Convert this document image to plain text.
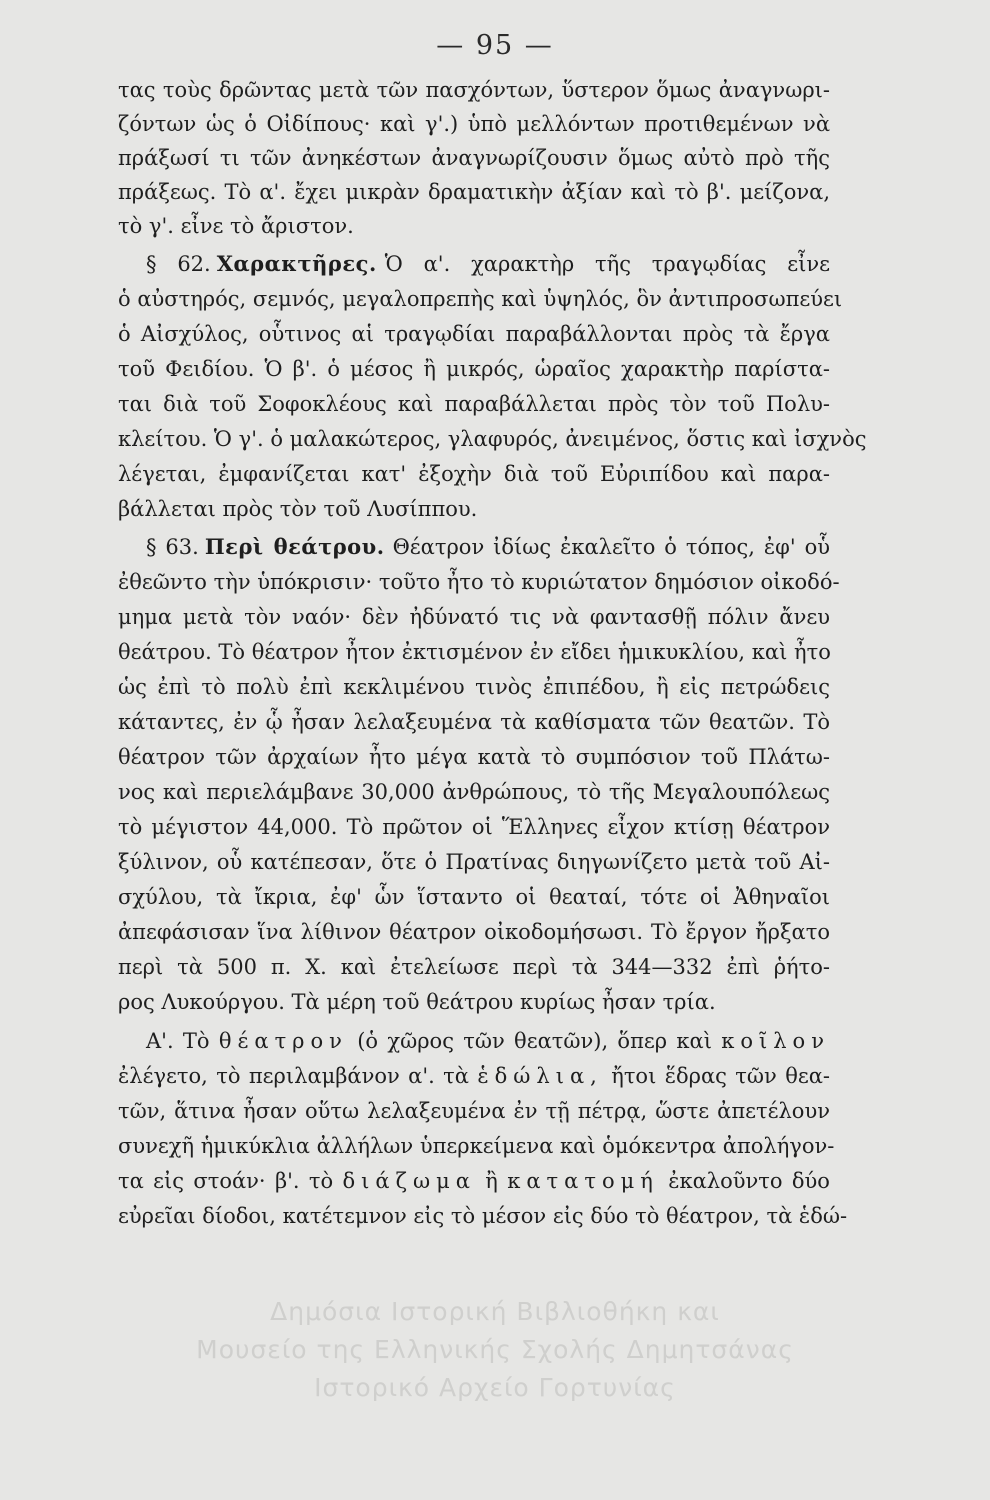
— 95 —
τας τοὺς δρῶντας μετὰ τῶν πασχόντων, ὕστερον ὅμως ἀναγνωρι-
ζόντων ὡς ὁ Οἰδίπους· καὶ γ'.) ὑπὸ μελλόντων προτιθεμένων νὰ
πράξωσί τι τῶν ἀνηκέστων ἀναγνωρίζουσιν ὅμως αὐτὸ πρὸ τῆς
πράξεως. Τὸ α'. ἔχει μικρὰν δραματικὴν ἀξίαν καὶ τὸ β'. μείζονα,
τὸ γ'. εἶνε τὸ ἄριστον.
§ 62. Χαρακτῆρες. Ὁ α'. χαρακτὴρ τῆς τραγῳδίας εἶνε
ὁ αὐστηρός, σεμνός, μεγαλοπρεπὴς καὶ ὑψηλός, ὃν ἀντιπροσωπεύει
ὁ Αἰσχύλος, οὗτινος αἱ τραγῳδίαι παραβάλλονται πρὸς τὰ ἔργα
τοῦ Φειδίου. Ὁ β'. ὁ μέσος ἢ μικρός, ὡραῖος χαρακτὴρ παρίστα-
ται διὰ τοῦ Σοφοκλέους καὶ παραβάλλεται πρὸς τὸν τοῦ Πολυ-
κλείτου. Ὁ γ'. ὁ μαλακώτερος, γλαφυρός, ἀνειμένος, ὅστις καὶ ἰσχνὸς
λέγεται, ἐμφανίζεται κατ' ἐξοχὴν διὰ τοῦ Εὐριπίδου καὶ παρα-
βάλλεται πρὸς τὸν τοῦ Λυσίππου.
§ 63. Περὶ θεάτρου. Θέατρον ἰδίως ἐκαλεῖτο ὁ τόπος, ἐφ' οὗ
ἐθεῶντο τὴν ὑπόκρισιν· τοῦτο ἦτο τὸ κυριώτατον δημόσιον οἰκοδό-
μημα μετὰ τὸν ναόν· δὲν ἠδύνατό τις νὰ φαντασθῇ πόλιν ἄνευ
θεάτρου. Τὸ θέατρον ἦτον ἐκτισμένον ἐν εἴδει ἡμικυκλίου, καὶ ἦτο
ὡς ἐπὶ τὸ πολὺ ἐπὶ κεκλιμένου τινὸς ἐπιπέδου, ἢ εἰς πετρώδεις
κάταντες, ἐν ᾧ ἦσαν λελαξευμένα τὰ καθίσματα τῶν θεατῶν. Τὸ
θέατρον τῶν ἀρχαίων ἦτο μέγα κατὰ τὸ συμπόσιον τοῦ Πλάτω-
νος καὶ περιελάμβανε 30,000 ἀνθρώπους, τὸ τῆς Μεγαλουπόλεως
τὸ μέγιστον 44,000. Τὸ πρῶτον οἱ Ἕλληνες εἶχον κτίσῃ θέατρον
ξύλινον, οὗ κατέπεσαν, ὅτε ὁ Πρατίνας διηγωνίζετο μετὰ τοῦ Αἰ-
σχύλου, τὰ ἴκρια, ἐφ' ὧν ἵσταντο οἱ θεαταί, τότε οἱ Ἀθηναῖοι
ἀπεφάσισαν ἵνα λίθινον θέατρον οἰκοδομήσωσι. Τὸ ἔργον ἤρξατο
περὶ τὰ 500 π. Χ. καὶ ἐτελείωσε περὶ τὰ 344—332 ἐπὶ ῥήτο-
ρος Λυκούργου. Τὰ μέρη τοῦ θεάτρου κυρίως ἦσαν τρία.
Α'. Τὸ θέατρον (ὁ χῶρος τῶν θεατῶν), ὅπερ καὶ κοῖλον
ἐλέγετο, τὸ περιλαμβάνον α'. τὰ ἑδώλια, ἤτοι ἕδρας τῶν θεα-
τῶν, ἅτινα ἦσαν οὕτω λελαξευμένα ἐν τῇ πέτρᾳ, ὥστε ἀπετέλουν
συνεχῆ ἡμικύκλια ἀλλήλων ὑπερκείμενα καὶ ὁμόκεντρα ἀπολήγον-
τα εἰς στοάν· β'. τὸ διάζωμα ἢ κατατομή ἐκαλοῦντο δύο
εὐρεῖαι δίοδοι, κατέτεμνον εἰς τὸ μέσον εἰς δύο τὸ θέατρον, τὰ ἑδώ-
Δημόσια Ιστορική Βιβλιοθήκη και
Μουσείο της Ελληνικής Σχολής Δημητσάνας
Ιστορικό Αρχείο Γορτυνίας
